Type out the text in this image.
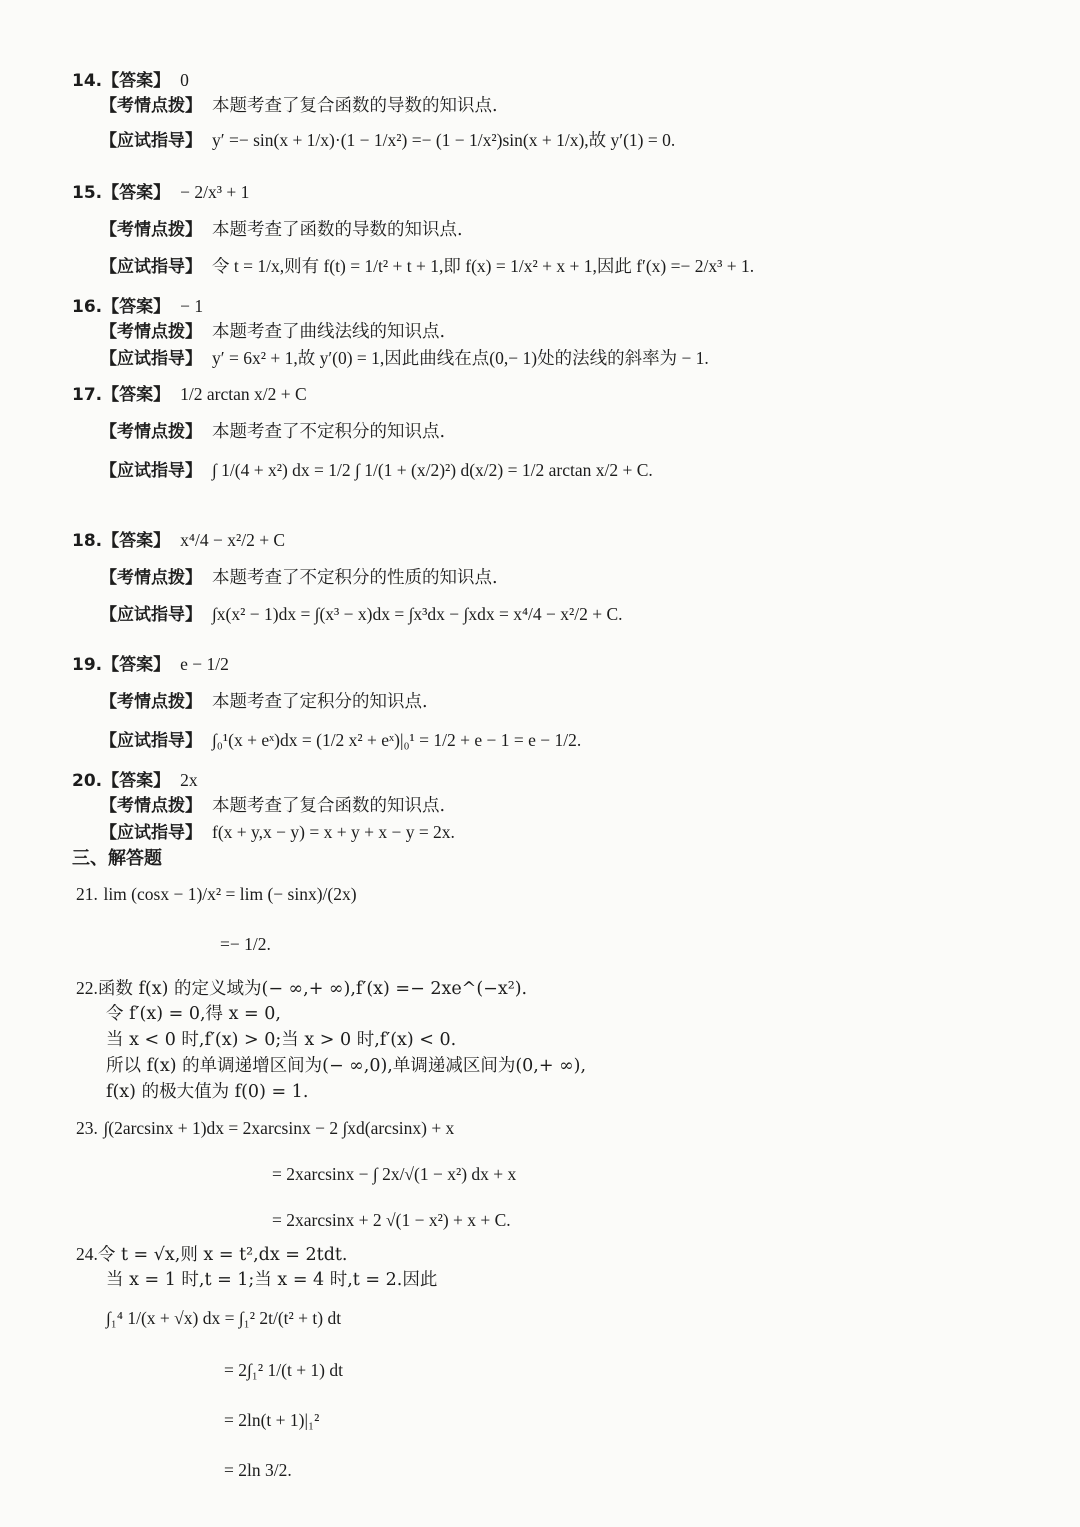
14.【答案】 0
【考情点拨】 本题考查了复合函数的导数的知识点.
【应试指导】 y′ =− sin(x + 1/x)·(1 − 1/x²) =− (1 − 1/x²)sin(x + 1/x),故 y′(1) = 0.
15.【答案】 − 2/x³ + 1
【考情点拨】 本题考查了函数的导数的知识点.
【应试指导】 令 t = 1/x,则有 f(t) = 1/t² + t + 1,即 f(x) = 1/x² + x + 1,因此 f′(x) =− 2/x³ + 1.
16.【答案】 − 1
【考情点拨】 本题考查了曲线法线的知识点.
【应试指导】 y′ = 6x² + 1,故 y′(0) = 1,因此曲线在点(0,− 1)处的法线的斜率为 − 1.
17.【答案】 1/2 arctan x/2 + C
【考情点拨】 本题考查了不定积分的知识点.
【应试指导】 ∫ 1/(4 + x²) dx = 1/2 ∫ 1/(1 + (x/2)²) d(x/2) = 1/2 arctan x/2 + C.
18.【答案】 x⁴/4 − x²/2 + C
【考情点拨】 本题考查了不定积分的性质的知识点.
【应试指导】 ∫x(x² − 1)dx = ∫(x³ − x)dx = ∫x³dx − ∫xdx = x⁴/4 − x²/2 + C.
19.【答案】 e − 1/2
【考情点拨】 本题考查了定积分的知识点.
【应试指导】 ∫₀¹(x + eˣ)dx = (1/2 x² + eˣ)|₀¹ = 1/2 + e − 1 = e − 1/2.
20.【答案】 2x
【考情点拨】 本题考查了复合函数的知识点.
【应试指导】 f(x + y,x − y) = x + y + x − y = 2x.
三、解答题
21. lim (cosx − 1)/x² = lim (− sinx)/(2x)
=− 1/2.
22.函数 f(x) 的定义域为(− ∞,+ ∞),f′(x) =− 2xe^(−x²).
令 f′(x) = 0,得 x = 0,
当 x < 0 时,f′(x) > 0;当 x > 0 时,f′(x) < 0.
所以 f(x) 的单调递增区间为(− ∞,0),单调递减区间为(0,+ ∞),
f(x) 的极大值为 f(0) = 1.
23. ∫(2arcsinx + 1)dx = 2xarcsinx − 2 ∫xd(arcsinx) + x
= 2xarcsinx − ∫ 2x/√(1 − x²) dx + x
= 2xarcsinx + 2 √(1 − x²) + x + C.
24.令 t = √x,则 x = t²,dx = 2tdt.
当 x = 1 时,t = 1;当 x = 4 时,t = 2.因此
∫₁⁴ 1/(x + √x) dx = ∫₁² 2t/(t² + t) dt
= 2∫₁² 1/(t + 1) dt
= 2ln(t + 1)|₁²
= 2ln 3/2.
